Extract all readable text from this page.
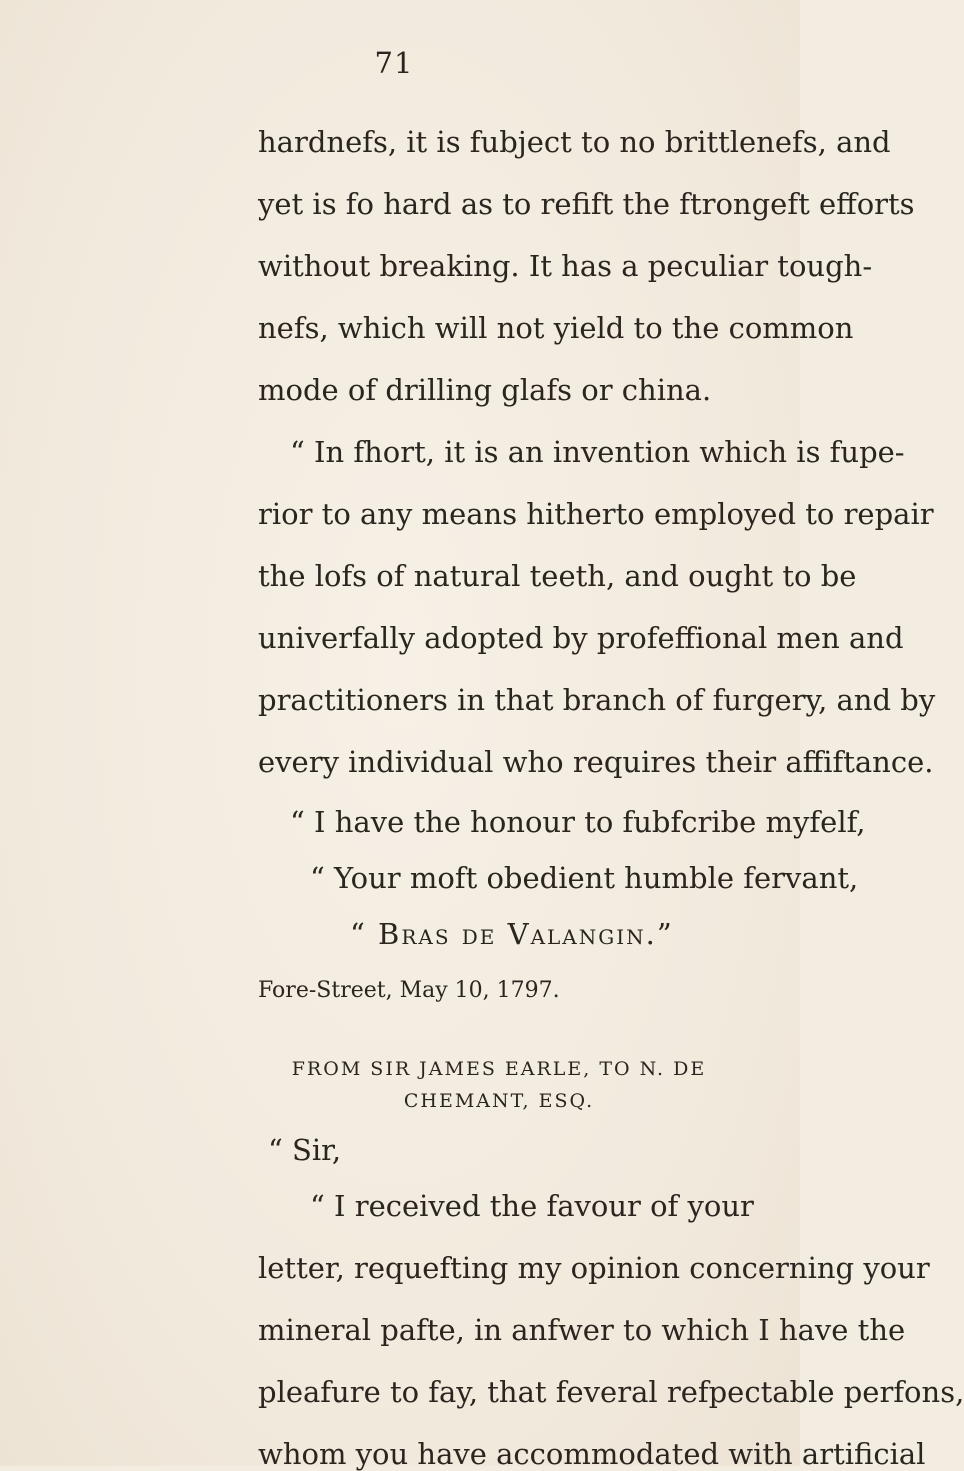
71
hardnefs, it is fubject to no brittlenefs, and
yet is fo hard as to refift the ftrongeft efforts
without breaking. It has a peculiar tough-
nefs, which will not yield to the common
mode of drilling glafs or china.
“ In fhort, it is an invention which is fupe-
rior to any means hitherto employed to repair
the lofs of natural teeth, and ought to be
univerfally adopted by profeffional men and
practitioners in that branch of furgery, and by
every individual who requires their affiftance.
“ I have the honour to fubfcribe myfelf,
“ Your moft obedient humble fervant,
“ Bras de Valangin.”
Fore-Street, May 10, 1797.
FROM SIR JAMES EARLE, TO N. DE
CHEMANT, ESQ.
“ Sir,
“ I received the favour of your
letter, requefting my opinion concerning your
mineral pafte, in anfwer to which I have the
pleafure to fay, that feveral refpectable perfons,
whom you have accommodated with artificial
